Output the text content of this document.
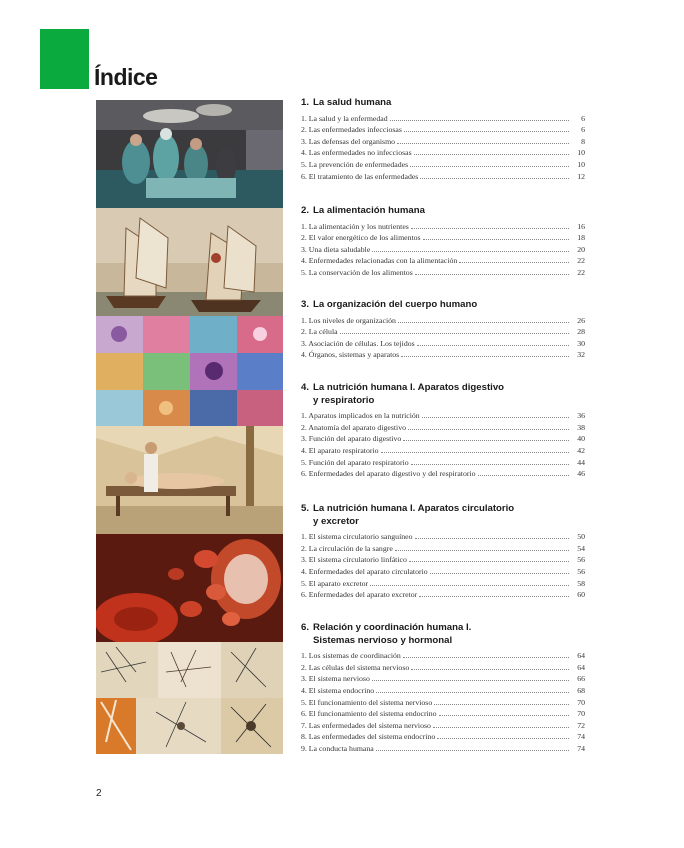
Índice
1. La salud humana
1. La salud y la enfermedad	6
2. Las enfermedades infecciosas	6
3. Las defensas del organismo	8
4. Las enfermedades no infecciosas	10
5. La prevención de enfermedades	10
6. El tratamiento de las enfermedades	12
2. La alimentación humana
1. La alimentación y los nutrientes	16
2. El valor energético de los alimentos	18
3. Una dieta saludable	20
4. Enfermedades relacionadas con la alimentación	22
5. La conservación de los alimentos	22
3. La organización del cuerpo humano
1. Los niveles de organización	26
2. La célula	28
3. Asociación de células. Los tejidos	30
4. Órganos, sistemas y aparatos	32
4. La nutrición humana I. Aparatos digestivo
y respiratorio
1. Aparatos implicados en la nutrición	36
2. Anatomía del aparato digestivo	38
3. Función del aparato digestivo	40
4. El aparato respiratorio	42
5. Función del aparato respiratorio	44
6. Enfermedades del aparato digestivo y del respiratorio	46
5. La nutrición humana I. Aparatos circulatorio
y excretor
1. El sistema circulatorio sanguíneo	50
2. La circulación de la sangre	54
3. El sistema circulatorio linfático	56
4. Enfermedades del aparato circulatorio	56
5. El aparato excretor	58
6. Enfermedades del aparato excretor	60
6. Relación y coordinación humana I.
Sistemas nervioso y hormonal
1. Los sistemas de coordinación	64
2. Las células del sistema nervioso	64
3. El sistema nervioso	66
4. El sistema endocrino	68
5. El funcionamiento del sistema nervioso	70
6. El funcionamiento del sistema endocrino	70
7. Las enfermedades del sistema nervioso	72
8. Las enfermedades del sistema endocrino	74
9. La conducta humana	74
2
